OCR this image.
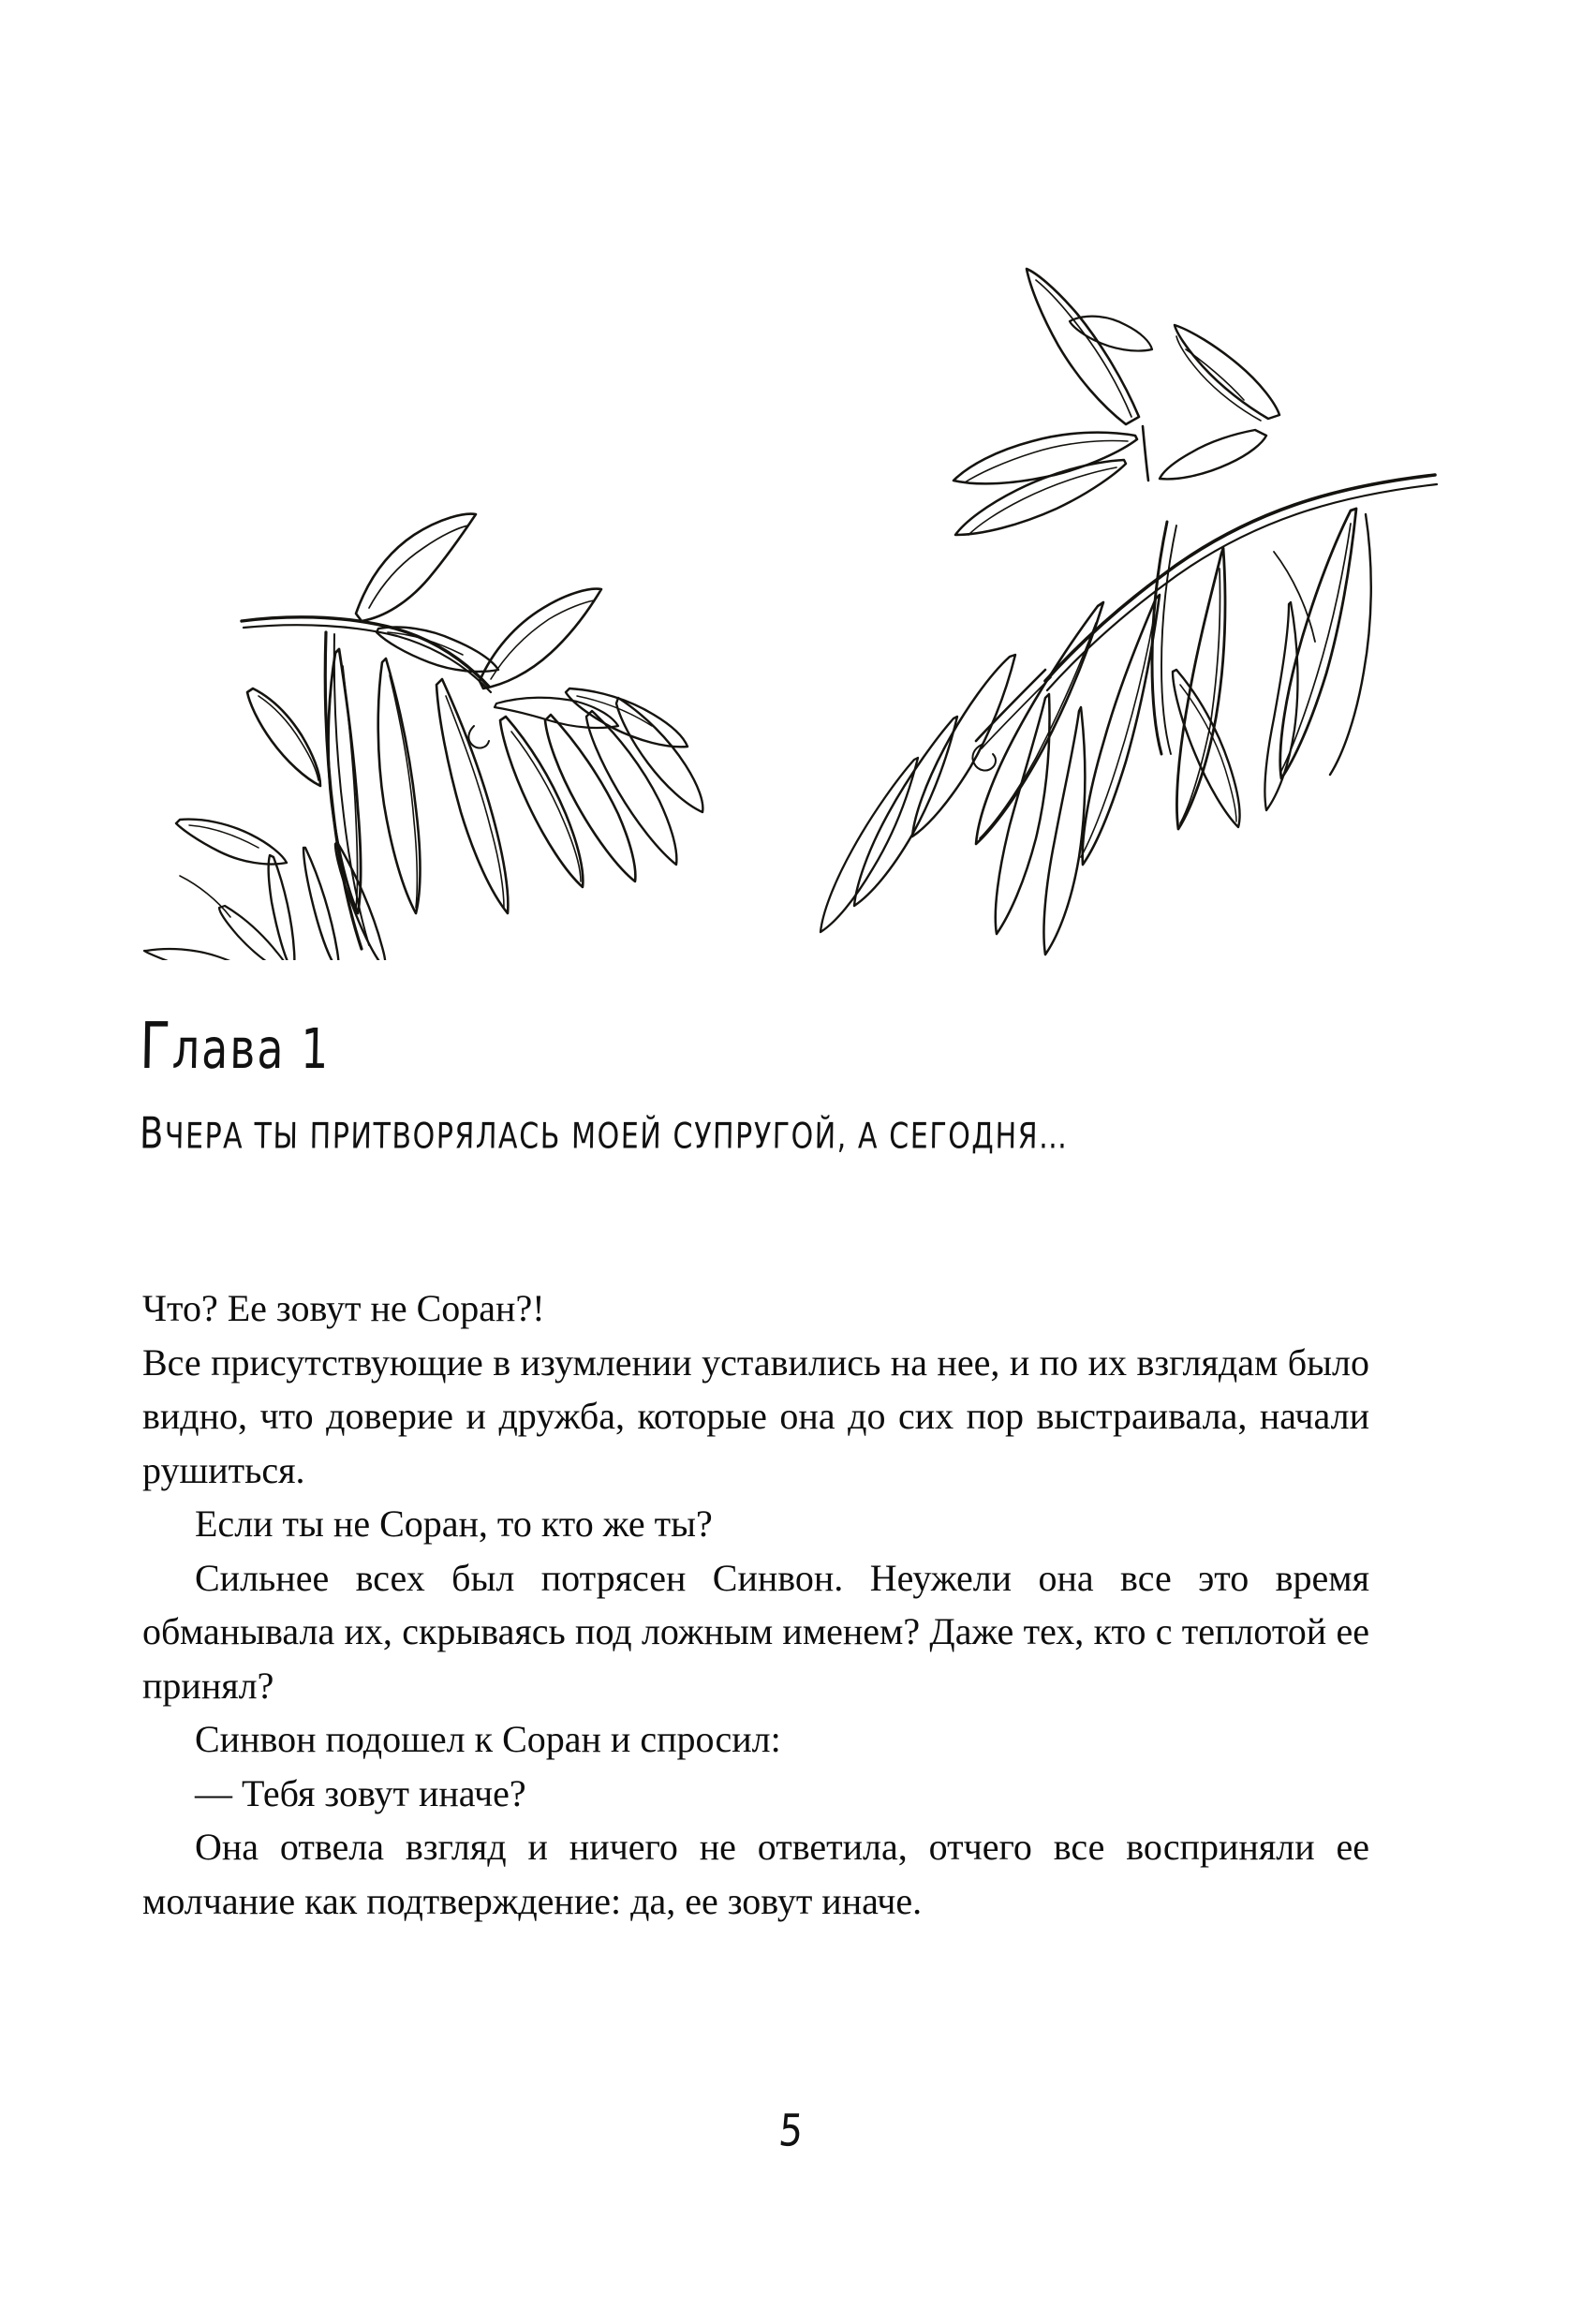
Глава 1
ВЧЕРА ТЫ ПРИТВОРЯЛАСЬ МОЕЙ СУПРУГОЙ, А СЕГОДНЯ…

Что? Ее зовут не Соран?!

Все присутствующие в изумлении уставились на нее, и по их взглядам было видно, что доверие и дружба, которые она до сих пор выстраивала, начали рушиться.

Если ты не Соран, то кто же ты?

Сильнее всех был потрясен Синвон. Неужели она все это время обманывала их, скрываясь под ложным именем? Даже тех, кто с теплотой ее принял?

Синвон подошел к Соран и спросил:

— Тебя зовут иначе?

Она отвела взгляд и ничего не ответила, отчего все восприняли ее молчание как подтверждение: да, ее зовут иначе.

5
